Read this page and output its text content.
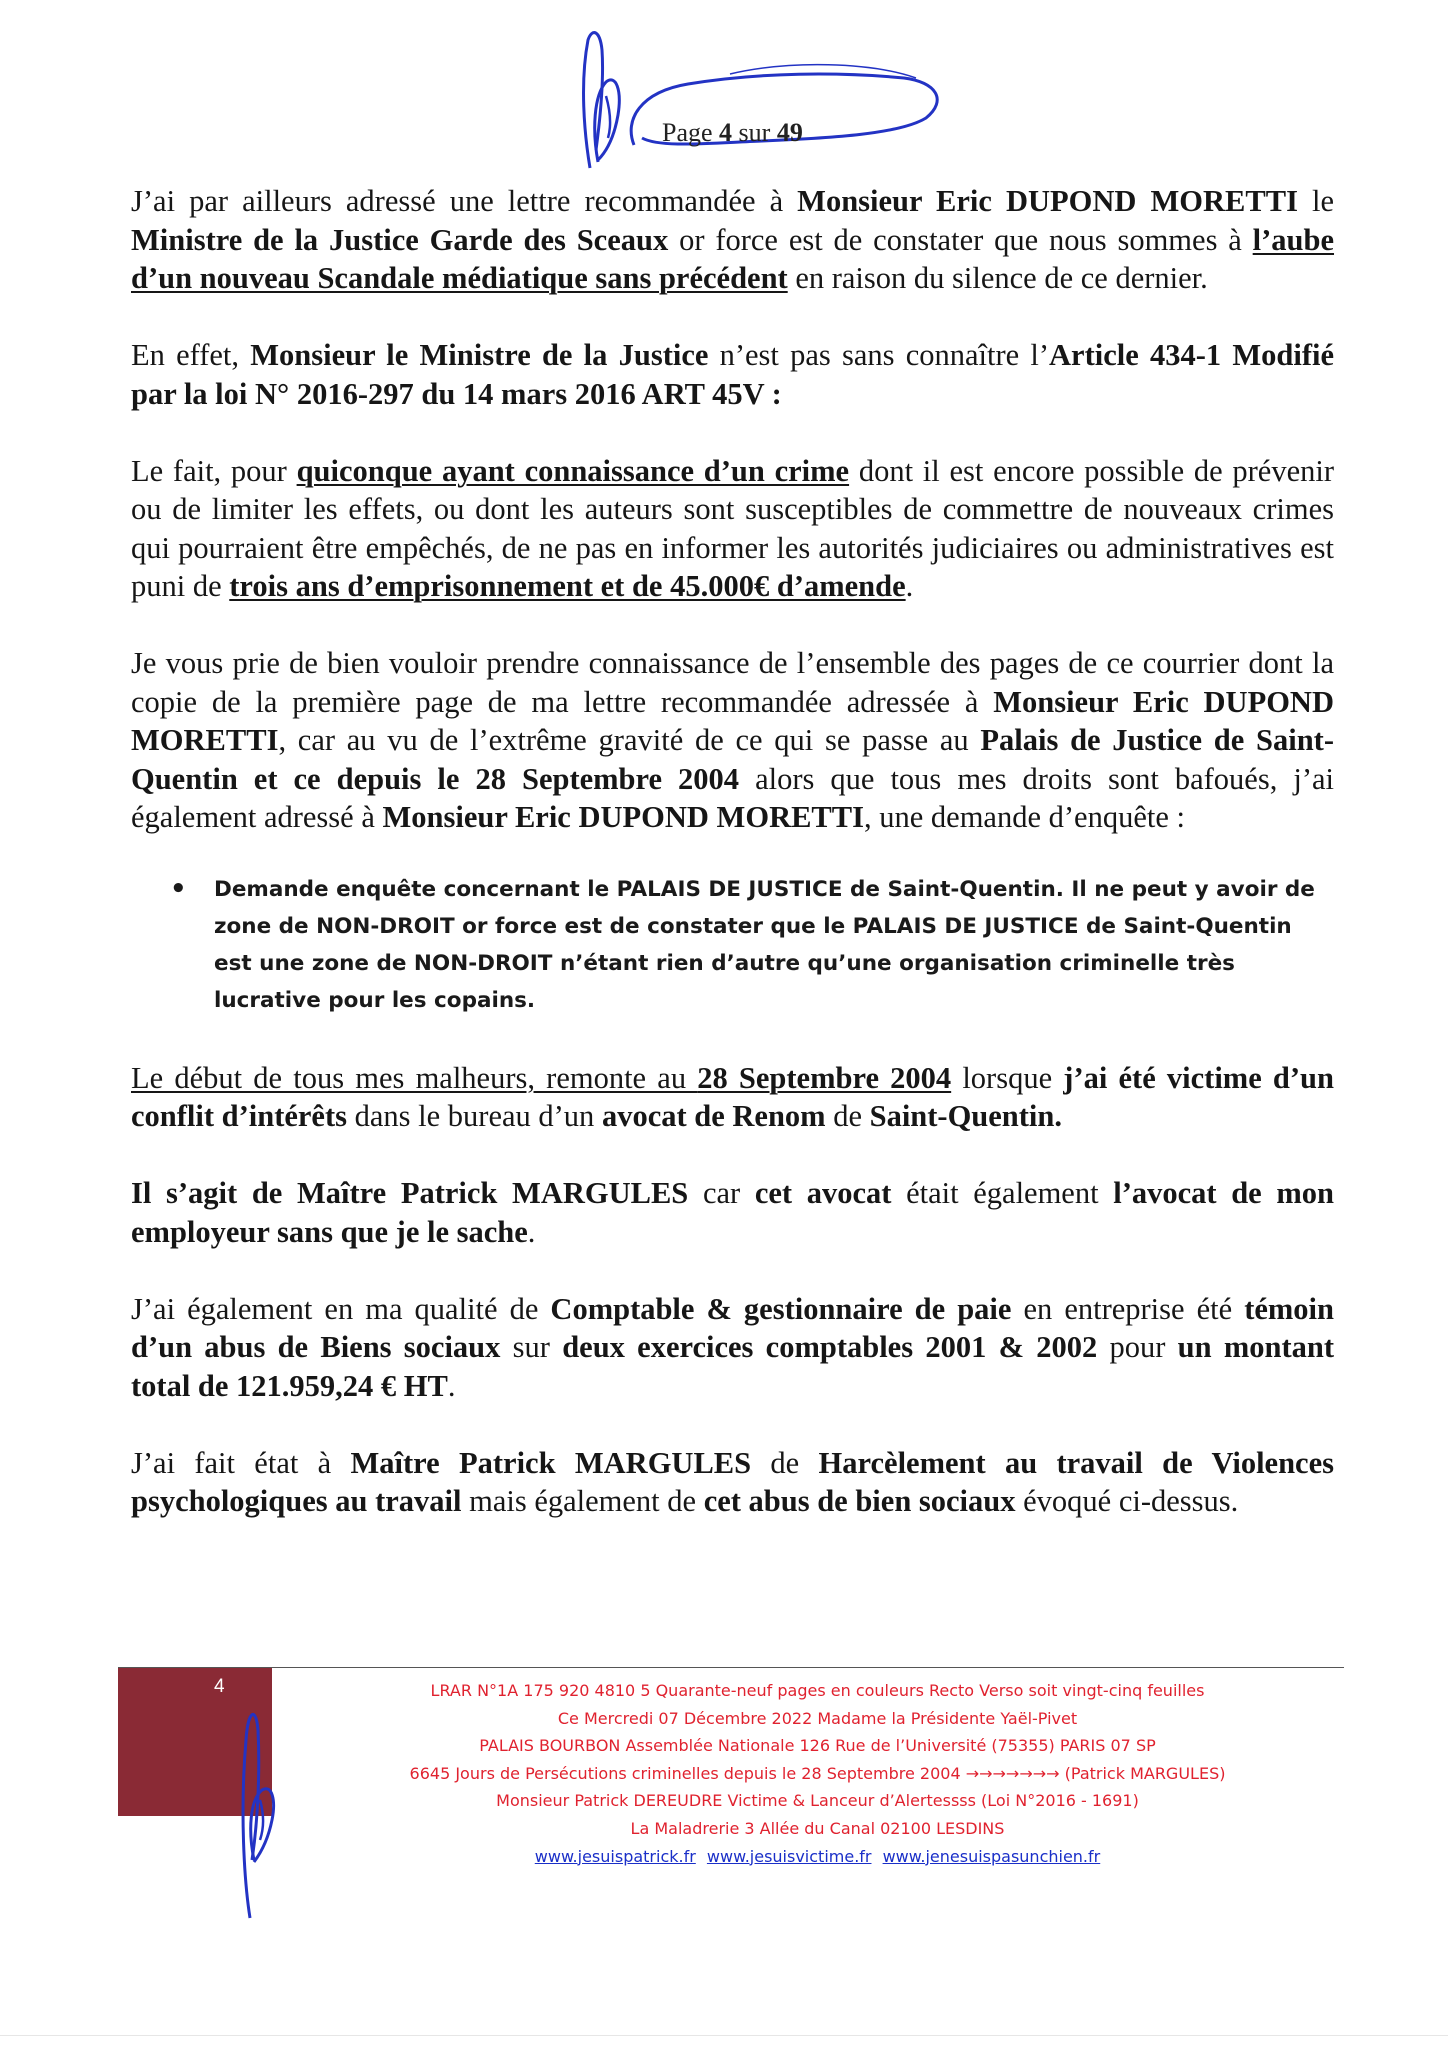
Page 4 sur 49

J’ai par ailleurs adressé une lettre recommandée à Monsieur Eric DUPOND MORETTI le Ministre de la Justice Garde des Sceaux or force est de constater que nous sommes à l’aube d’un nouveau Scandale médiatique sans précédent en raison du silence de ce dernier.

En effet, Monsieur le Ministre de la Justice n’est pas sans connaître l’Article 434-1 Modifié par la loi N° 2016-297 du 14 mars 2016 ART 45V :

Le fait, pour quiconque ayant connaissance d’un crime dont il est encore possible de prévenir ou de limiter les effets, ou dont les auteurs sont susceptibles de commettre de nouveaux crimes qui pourraient être empêchés, de ne pas en informer les autorités judiciaires ou administratives est puni de trois ans d’emprisonnement et de 45.000€ d’amende.

Je vous prie de bien vouloir prendre connaissance de l’ensemble des pages de ce courrier dont la copie de la première page de ma lettre recommandée adressée à Monsieur Eric DUPOND MORETTI, car au vu de l’extrême gravité de ce qui se passe au Palais de Justice de Saint-Quentin et ce depuis le 28 Septembre 2004 alors que tous mes droits sont bafoués, j’ai également adressé à Monsieur Eric DUPOND MORETTI, une demande d’enquête :

• Demande enquête concernant le PALAIS DE JUSTICE de Saint-Quentin. Il ne peut y avoir de zone de NON-DROIT or force est de constater que le PALAIS DE JUSTICE de Saint-Quentin est une zone de NON-DROIT n’étant rien d’autre qu’une organisation criminelle très lucrative pour les copains.

Le début de tous mes malheurs, remonte au 28 Septembre 2004 lorsque j’ai été victime d’un conflit d’intérêts dans le bureau d’un avocat de Renom de Saint-Quentin.

Il s’agit de Maître Patrick MARGULES car cet avocat était également l’avocat de mon employeur sans que je le sache.

J’ai également en ma qualité de Comptable & gestionnaire de paie en entreprise été témoin d’un abus de Biens sociaux sur deux exercices comptables 2001 & 2002 pour un montant total de 121.959,24 € HT.

J’ai fait état à Maître Patrick MARGULES de Harcèlement au travail de Violences psychologiques au travail mais également de cet abus de bien sociaux évoqué ci-dessus.

4	LRAR N°1A 175 920 4810 5 Quarante-neuf pages en couleurs Recto Verso soit vingt-cinq feuilles
Ce Mercredi 07 Décembre 2022 Madame la Présidente Yaël-Pivet
PALAIS BOURBON Assemblée Nationale 126 Rue de l’Université (75355) PARIS 07 SP
6645 Jours de Persécutions criminelles depuis le 28 Septembre 2004 →→→→→→→ (Patrick MARGULES)
Monsieur Patrick DEREUDRE Victime & Lanceur d’Alertessss (Loi N°2016 - 1691)
La Maladrerie 3 Allée du Canal 02100 LESDINS
www.jesuispatrick.fr www.jesuisvictime.fr www.jenesuispasunchien.fr
